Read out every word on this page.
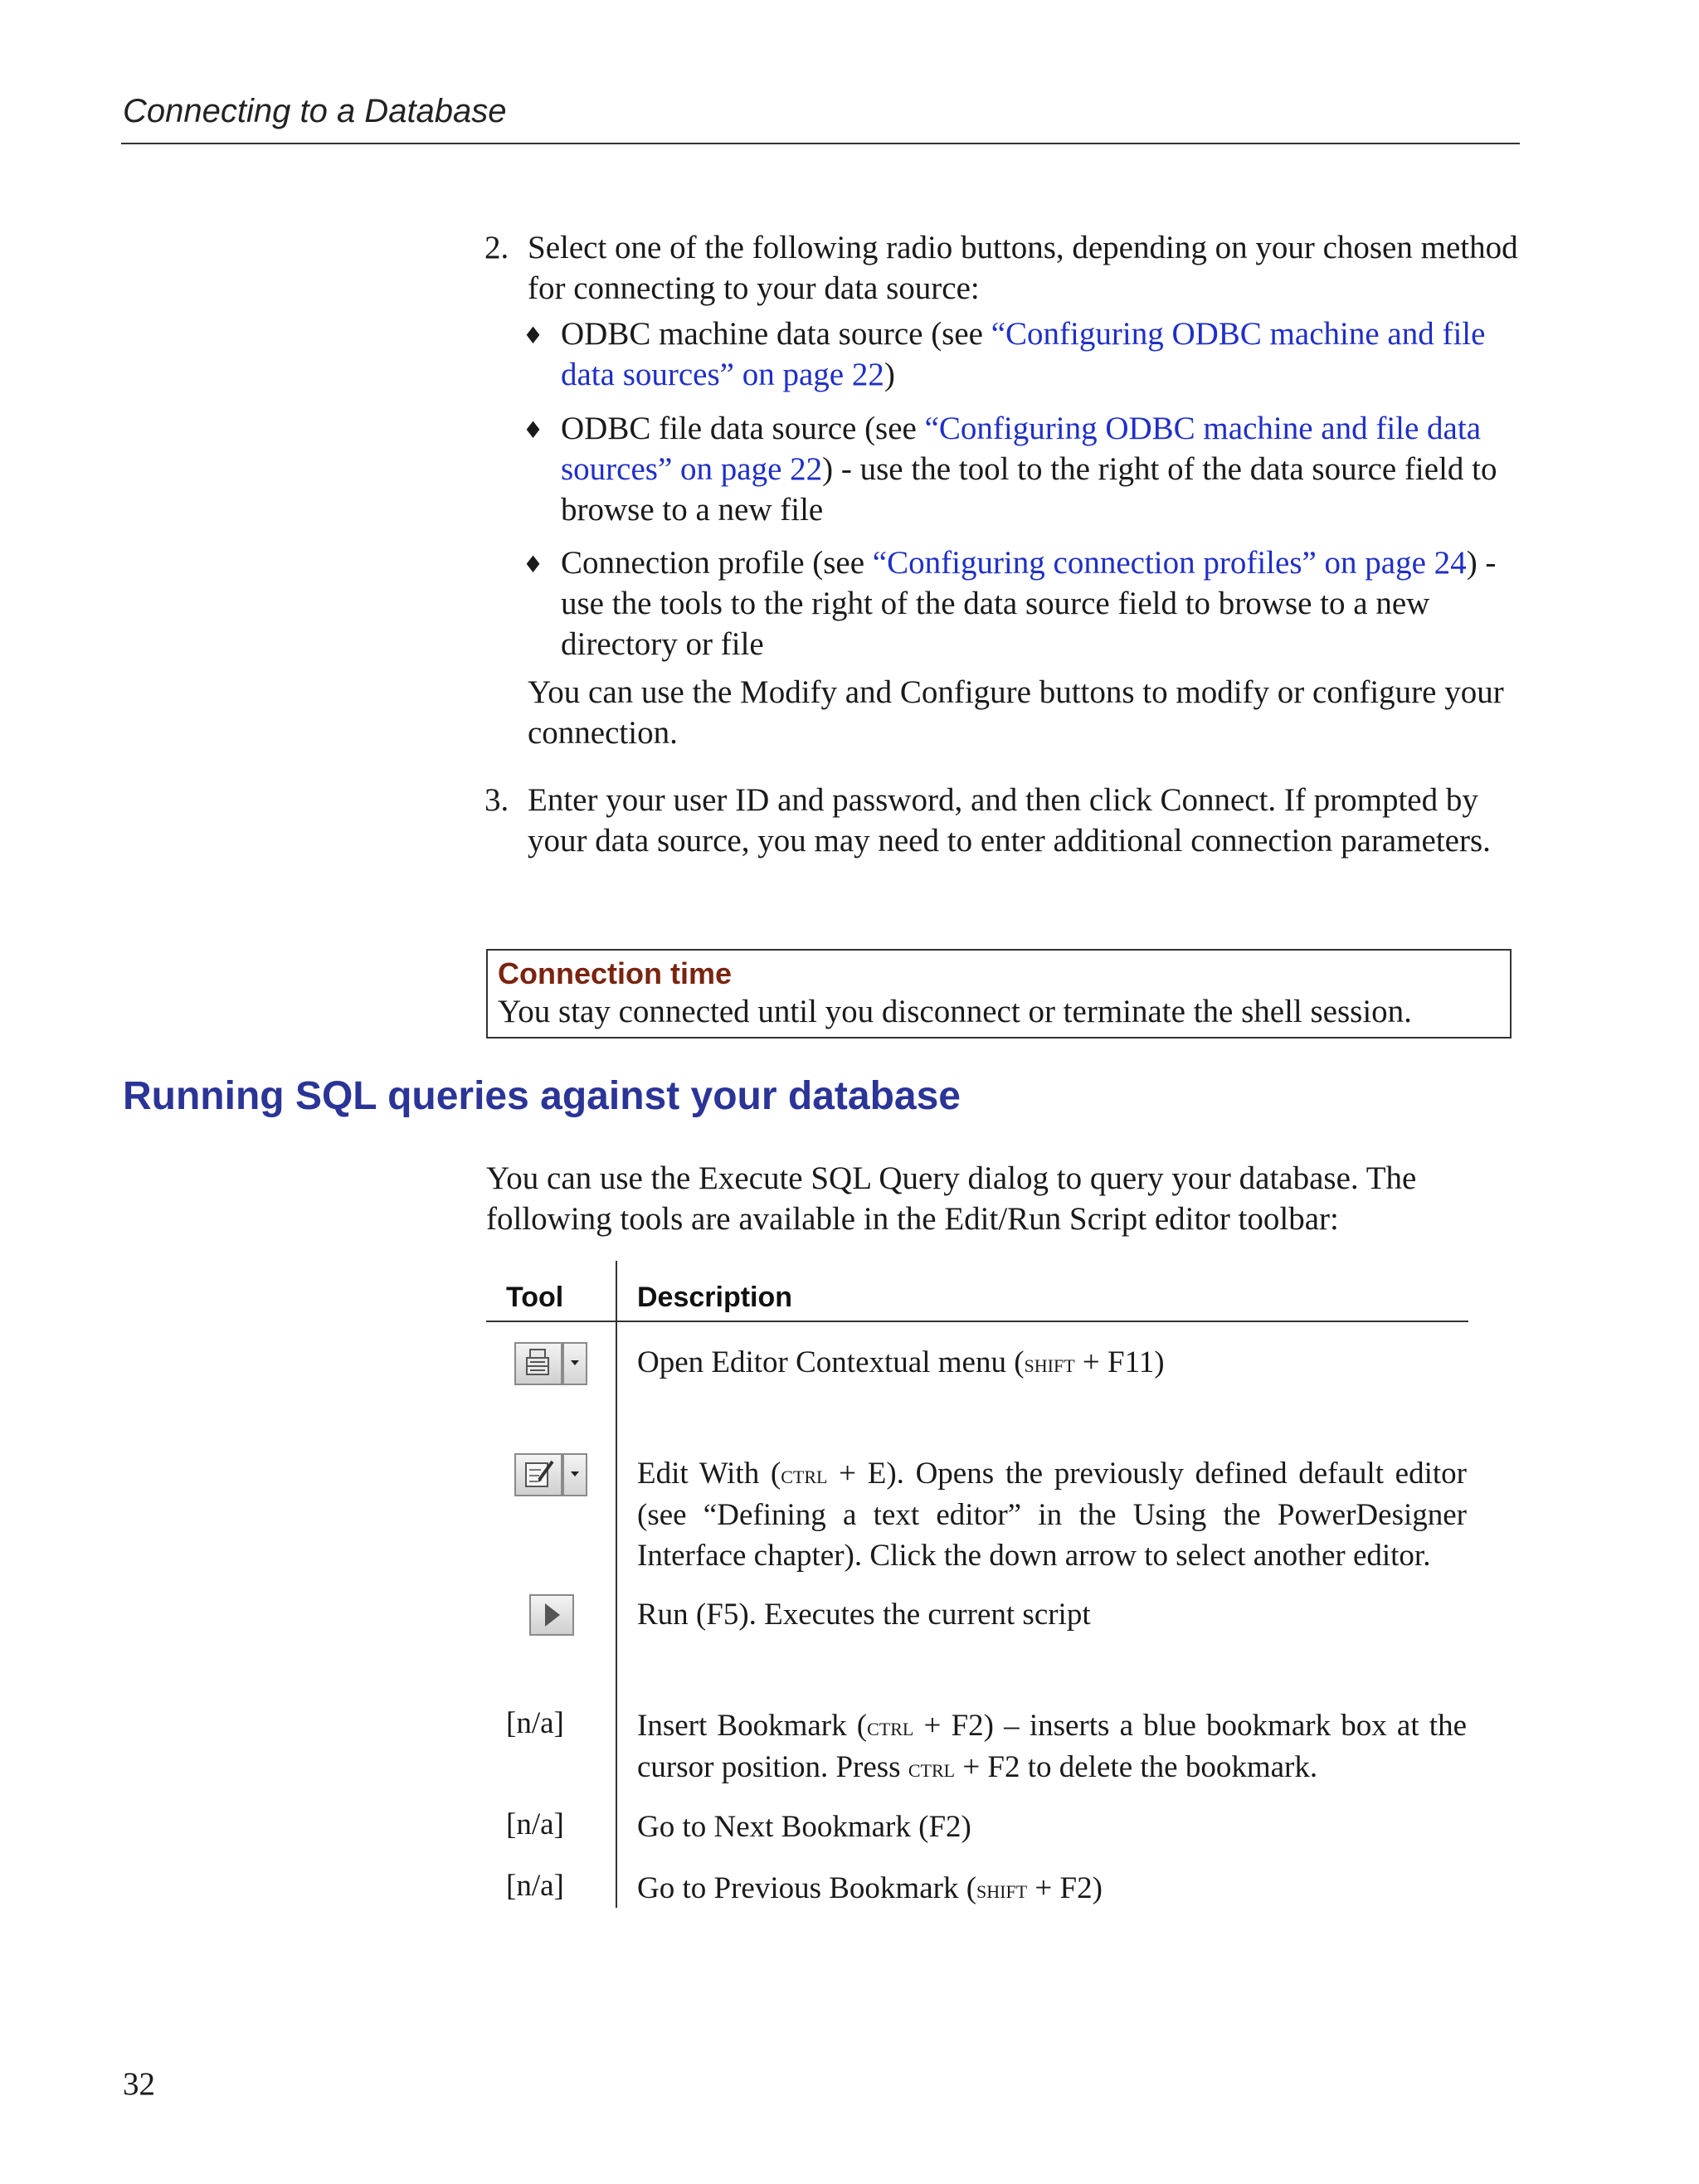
Connecting to a Database
2. Select one of the following radio buttons, depending on your chosen method for connecting to your data source:
♦ ODBC machine data source (see “Configuring ODBC machine and file data sources” on page 22)
♦ ODBC file data source (see “Configuring ODBC machine and file data sources” on page 22) - use the tool to the right of the data source field to browse to a new file
♦ Connection profile (see “Configuring connection profiles” on page 24) - use the tools to the right of the data source field to browse to a new directory or file
You can use the Modify and Configure buttons to modify or configure your connection.
3. Enter your user ID and password, and then click Connect. If prompted by your data source, you may need to enter additional connection parameters.
Connection time
You stay connected until you disconnect or terminate the shell session.
Running SQL queries against your database
You can use the Execute SQL Query dialog to query your database. The following tools are available in the Edit/Run Script editor toolbar:
Tool	Description
Open Editor Contextual menu (shift + F11)
Edit With (ctrl + E). Opens the previously defined default editor (see “Defining a text editor” in the Using the PowerDesigner Interface chapter). Click the down arrow to select another editor.
Run (F5). Executes the current script
[n/a] Insert Bookmark (ctrl + F2) – inserts a blue bookmark box at the cursor position. Press ctrl + F2 to delete the bookmark.
[n/a] Go to Next Bookmark (F2)
[n/a] Go to Previous Bookmark (shift + F2)
32
